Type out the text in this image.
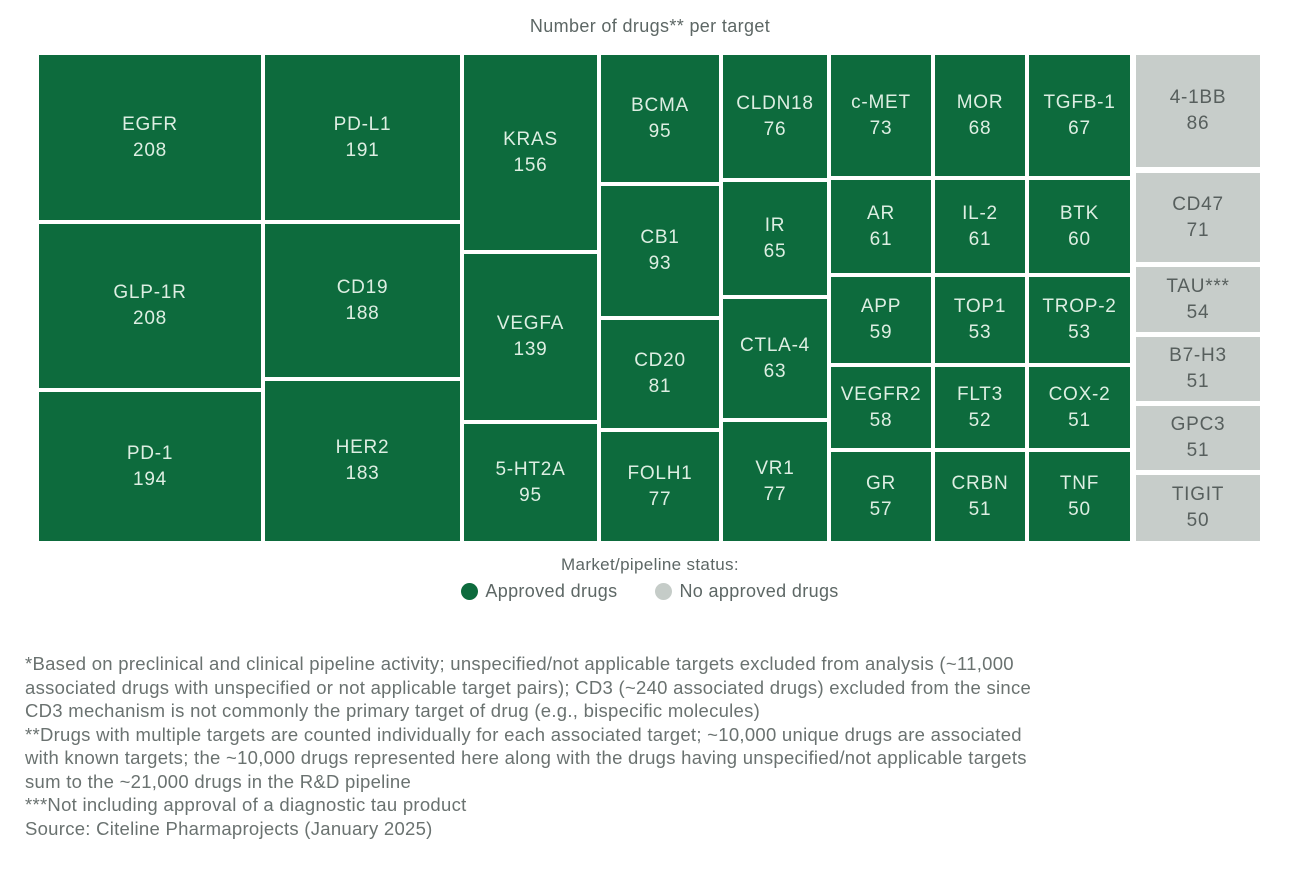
Number of drugs** per target
EGFR
208
GLP-1R
208
PD-1
194
PD-L1
191
CD19
188
HER2
183
KRAS
156
VEGFA
139
5-HT2A
95
BCMA
95
CB1
93
CD20
81
FOLH1
77
CLDN18
76
IR
65
CTLA-4
63
VR1
77
c-MET
73
AR
61
APP
59
VEGFR2
58
GR
57
MOR
68
IL-2
61
TOP1
53
FLT3
52
CRBN
51
TGFB-1
67
BTK
60
TROP-2
53
COX-2
51
TNF
50
4-1BB
86
CD47
71
TAU***
54
B7-H3
51
GPC3
51
TIGIT
50
Market/pipeline status:
Approved drugs	No approved drugs
*Based on preclinical and clinical pipeline activity; unspecified/not applicable targets excluded from analysis (~11,000
associated drugs with unspecified or not applicable target pairs); CD3 (~240 associated drugs) excluded from the since
CD3 mechanism is not commonly the primary target of drug (e.g., bispecific molecules)
**Drugs with multiple targets are counted individually for each associated target; ~10,000 unique drugs are associated
with known targets; the ~10,000 drugs represented here along with the drugs having unspecified/not applicable targets
sum to the ~21,000 drugs in the R&D pipeline
***Not including approval of a diagnostic tau product
Source: Citeline Pharmaprojects (January 2025)
